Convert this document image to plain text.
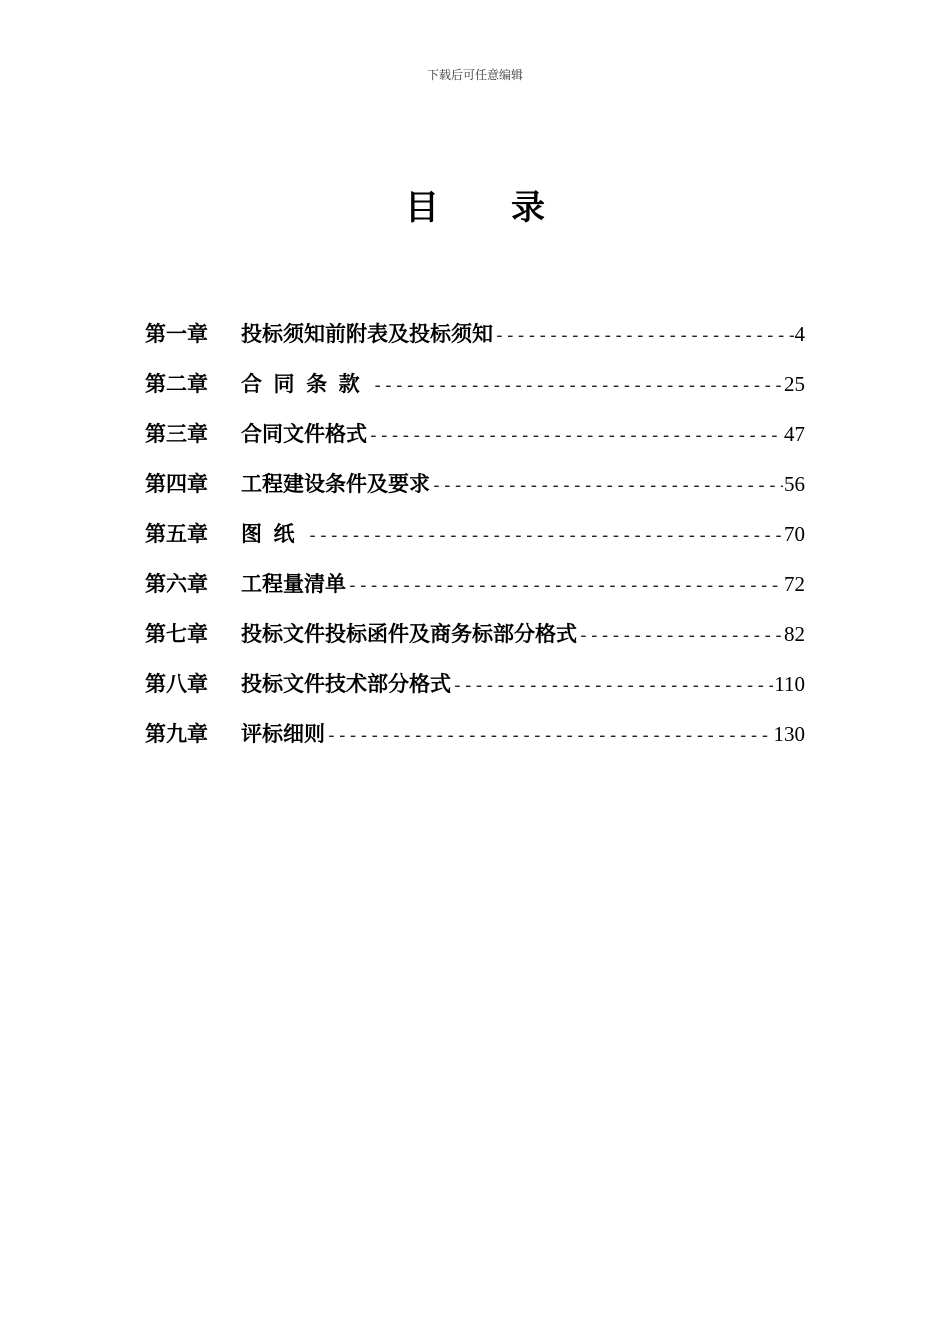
下载后可任意编辑
目 录
第一章	投标须知前附表及投标须知 -----	4
第二章	合同条款 -----	25
第三章	合同文件格式 -----	47
第四章	工程建设条件及要求 -----	56
第五章	图纸 -----	70
第六章	工程量清单 -----	72
第七章	投标文件投标函件及商务标部分格式 -----	82
第八章	投标文件技术部分格式 -----	110
第九章	评标细则 -----	130
